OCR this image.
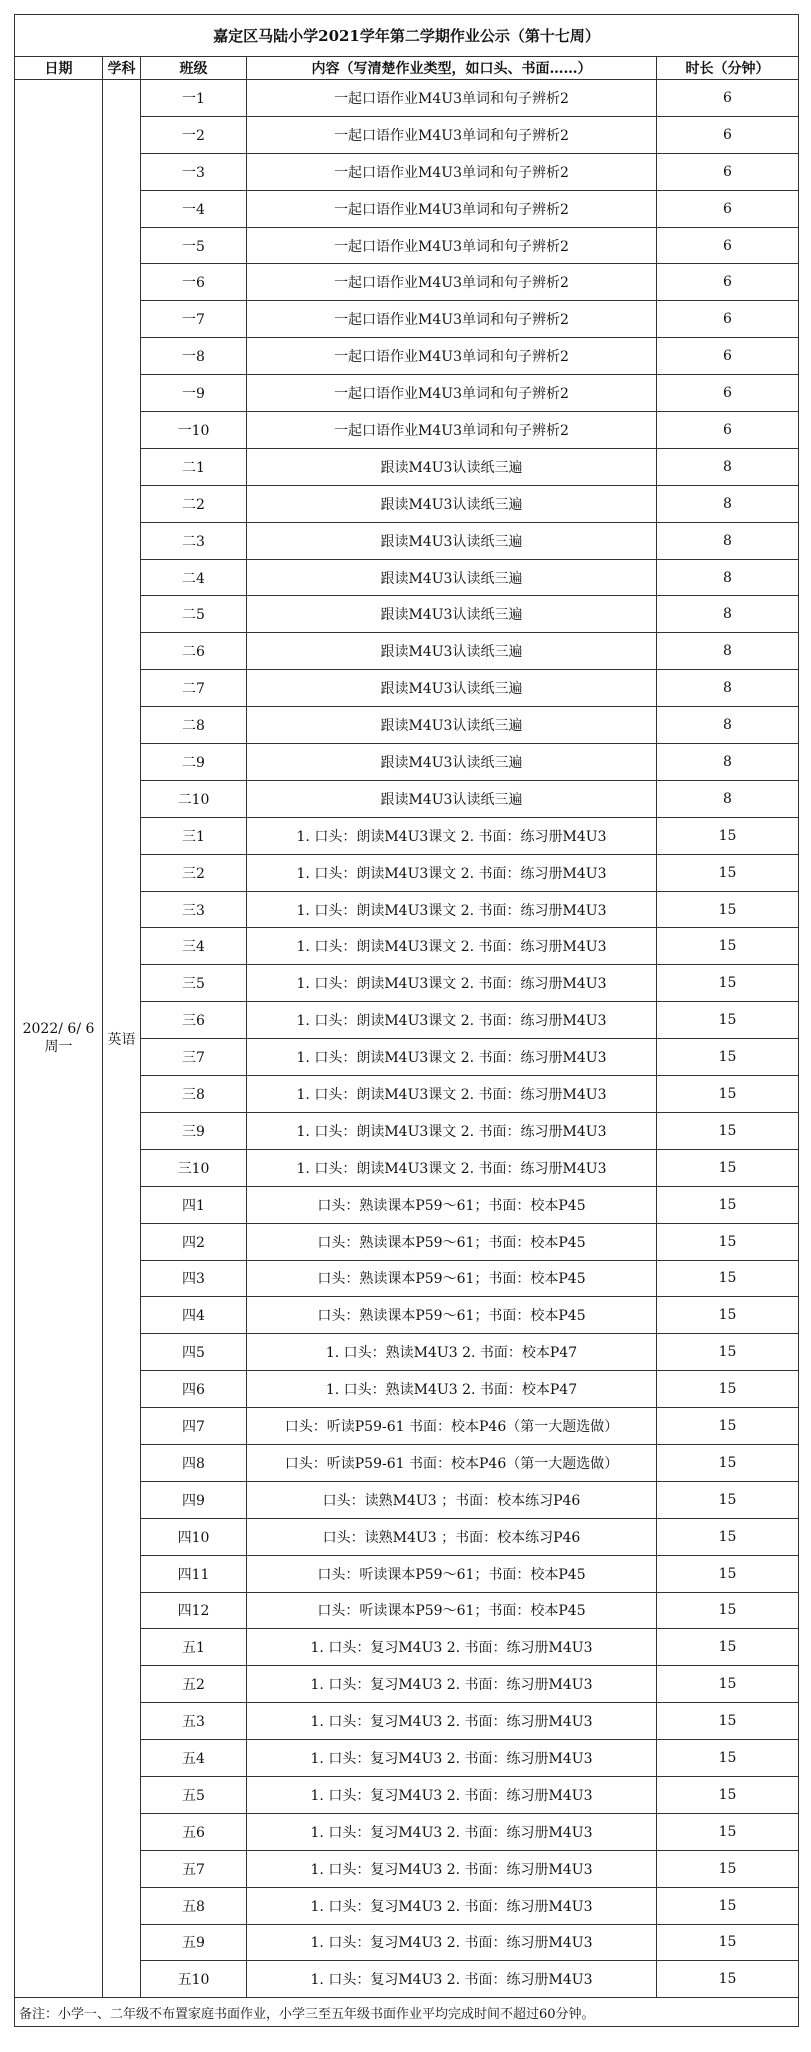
嘉定区马陆小学2021学年第二学期作业公示（第十七周）				
日期	学科	班级	内容（写清楚作业类型，如口头、书面……）	时长（分钟）

2022/ 6/ 6
周一	英语	一1	一起口语作业M4U3单词和句子辨析2	6
		一2	一起口语作业M4U3单词和句子辨析2	6
		一3	一起口语作业M4U3单词和句子辨析2	6
		一4	一起口语作业M4U3单词和句子辨析2	6
		一5	一起口语作业M4U3单词和句子辨析2	6
		一6	一起口语作业M4U3单词和句子辨析2	6
		一7	一起口语作业M4U3单词和句子辨析2	6
		一8	一起口语作业M4U3单词和句子辨析2	6
		一9	一起口语作业M4U3单词和句子辨析2	6
		一10	一起口语作业M4U3单词和句子辨析2	6
		二1	跟读M4U3认读纸三遍	8
		二2	跟读M4U3认读纸三遍	8
		二3	跟读M4U3认读纸三遍	8
		二4	跟读M4U3认读纸三遍	8
		二5	跟读M4U3认读纸三遍	8
		二6	跟读M4U3认读纸三遍	8
		二7	跟读M4U3认读纸三遍	8
		二8	跟读M4U3认读纸三遍	8
		二9	跟读M4U3认读纸三遍	8
		二10	跟读M4U3认读纸三遍	8
		三1	1. 口头：朗读M4U3课文 2. 书面：练习册M4U3	15
		三2	1. 口头：朗读M4U3课文 2. 书面：练习册M4U3	15
		三3	1. 口头：朗读M4U3课文 2. 书面：练习册M4U3	15
		三4	1. 口头：朗读M4U3课文 2. 书面：练习册M4U3	15
		三5	1. 口头：朗读M4U3课文 2. 书面：练习册M4U3	15
		三6	1. 口头：朗读M4U3课文 2. 书面：练习册M4U3	15
		三7	1. 口头：朗读M4U3课文 2. 书面：练习册M4U3	15
		三8	1. 口头：朗读M4U3课文 2. 书面：练习册M4U3	15
		三9	1. 口头：朗读M4U3课文 2. 书面：练习册M4U3	15
		三10	1. 口头：朗读M4U3课文 2. 书面：练习册M4U3	15
		四1	口头：熟读课本P59～61；书面：校本P45	15
		四2	口头：熟读课本P59～61；书面：校本P45	15
		四3	口头：熟读课本P59～61；书面：校本P45	15
		四4	口头：熟读课本P59～61；书面：校本P45	15
		四5	1. 口头：熟读M4U3 2. 书面：校本P47	15
		四6	1. 口头：熟读M4U3 2. 书面：校本P47	15
		四7	口头：听读P59-61 书面：校本P46（第一大题选做）	15
		四8	口头：听读P59-61 书面：校本P46（第一大题选做）	15
		四9	口头：读熟M4U3 ；书面：校本练习P46	15
		四10	口头：读熟M4U3 ；书面：校本练习P46	15
		四11	口头：听读课本P59～61；书面：校本P45	15
		四12	口头：听读课本P59～61；书面：校本P45	15
		五1	1. 口头：复习M4U3 2. 书面：练习册M4U3	15
		五2	1. 口头：复习M4U3 2. 书面：练习册M4U3	15
		五3	1. 口头：复习M4U3 2. 书面：练习册M4U3	15
		五4	1. 口头：复习M4U3 2. 书面：练习册M4U3	15
		五5	1. 口头：复习M4U3 2. 书面：练习册M4U3	15
		五6	1. 口头：复习M4U3 2. 书面：练习册M4U3	15
		五7	1. 口头：复习M4U3 2. 书面：练习册M4U3	15
		五8	1. 口头：复习M4U3 2. 书面：练习册M4U3	15
		五9	1. 口头：复习M4U3 2. 书面：练习册M4U3	15
		五10	1. 口头：复习M4U3 2. 书面：练习册M4U3	15
备注：小学一、二年级不布置家庭书面作业，小学三至五年级书面作业平均完成时间不超过60分钟。				
